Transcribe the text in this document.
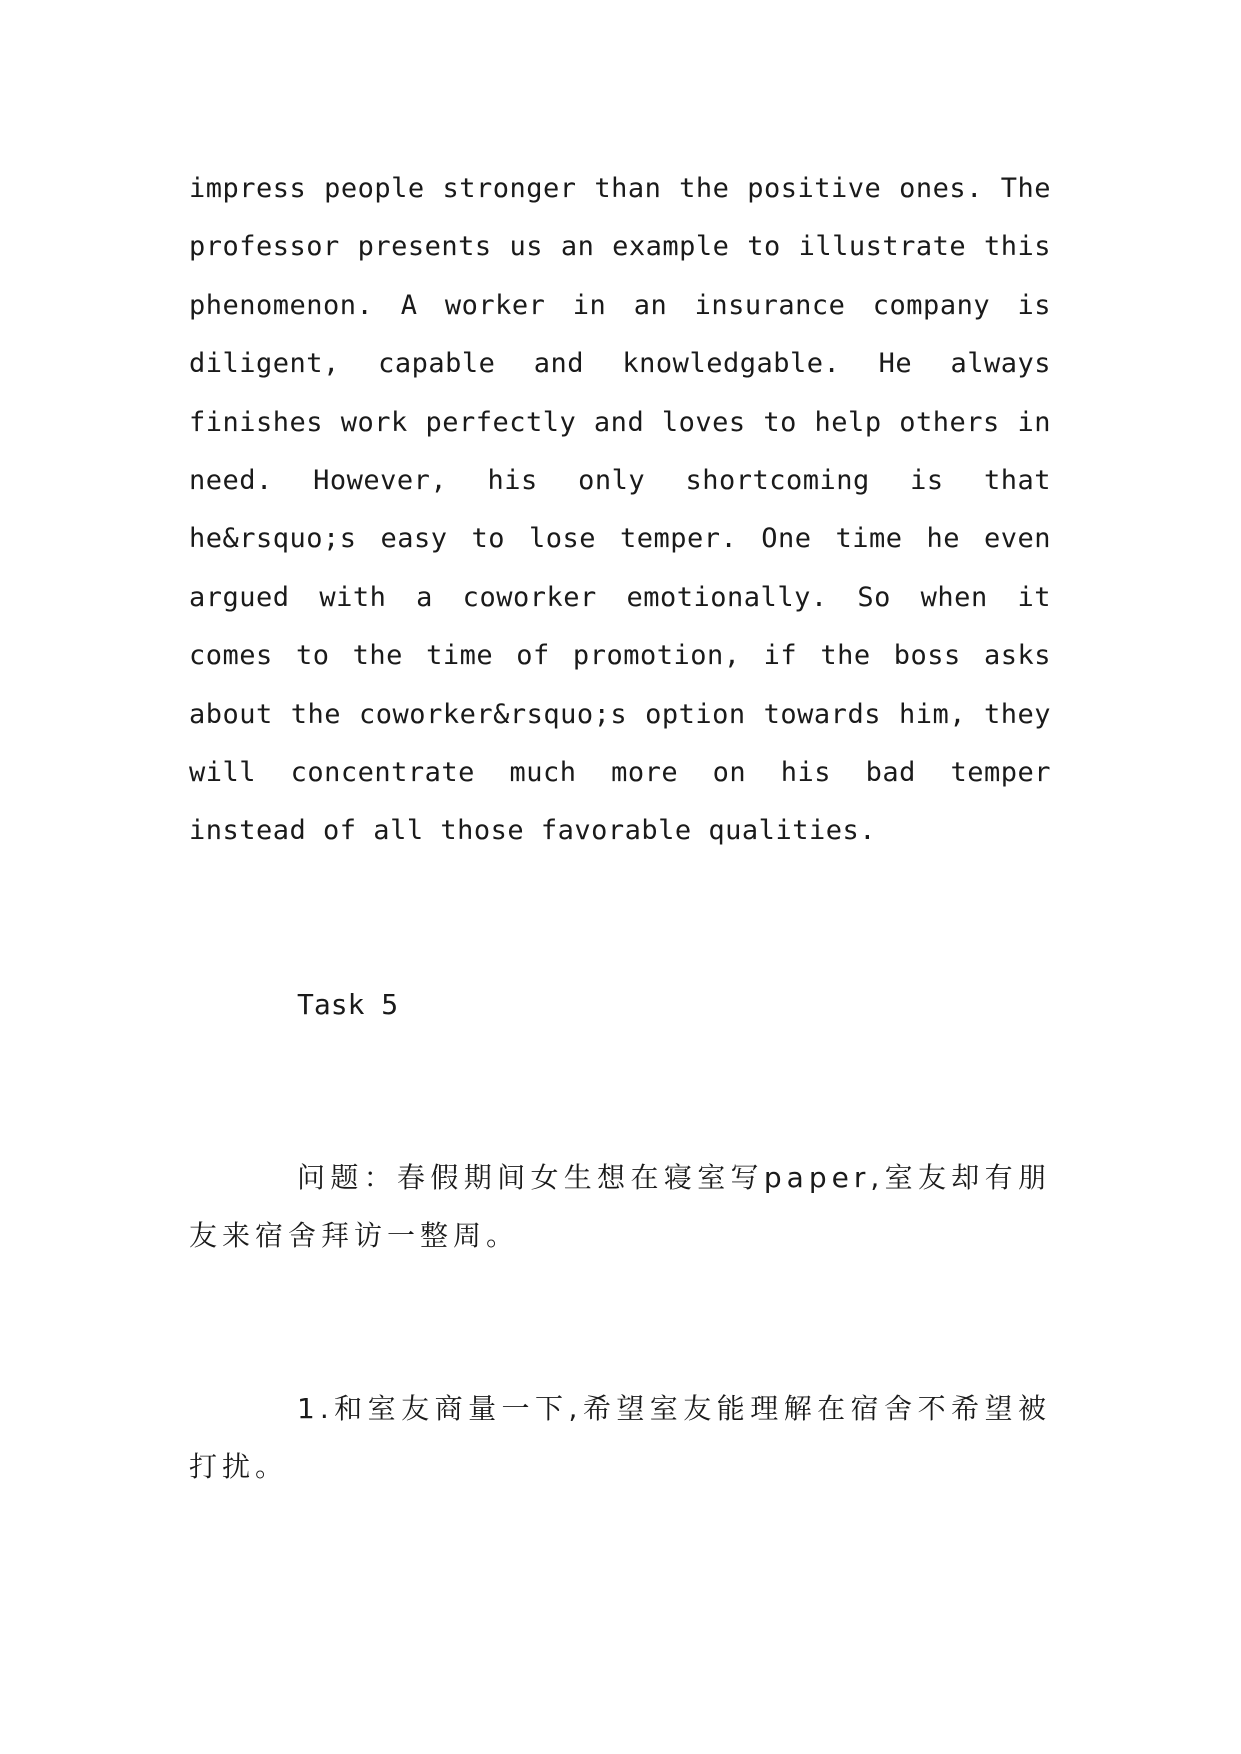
impress people stronger than the positive ones. The professor presents us an example to illustrate this phenomenon. A worker in an insurance company is diligent, capable and knowledgable. He always finishes work perfectly and loves to help others in need. However, his only shortcoming is that he&rsquo;s easy to lose temper. One time he even argued with a coworker emotionally. So when it comes to the time of promotion, if the boss asks about the coworker&rsquo;s option towards him, they will concentrate much more on his bad temper instead of all those favorable qualities.

Task 5

问题：春假期间女生想在寝室写paper,室友却有朋友来宿舍拜访一整周。

1.和室友商量一下,希望室友能理解在宿舍不希望被打扰。
